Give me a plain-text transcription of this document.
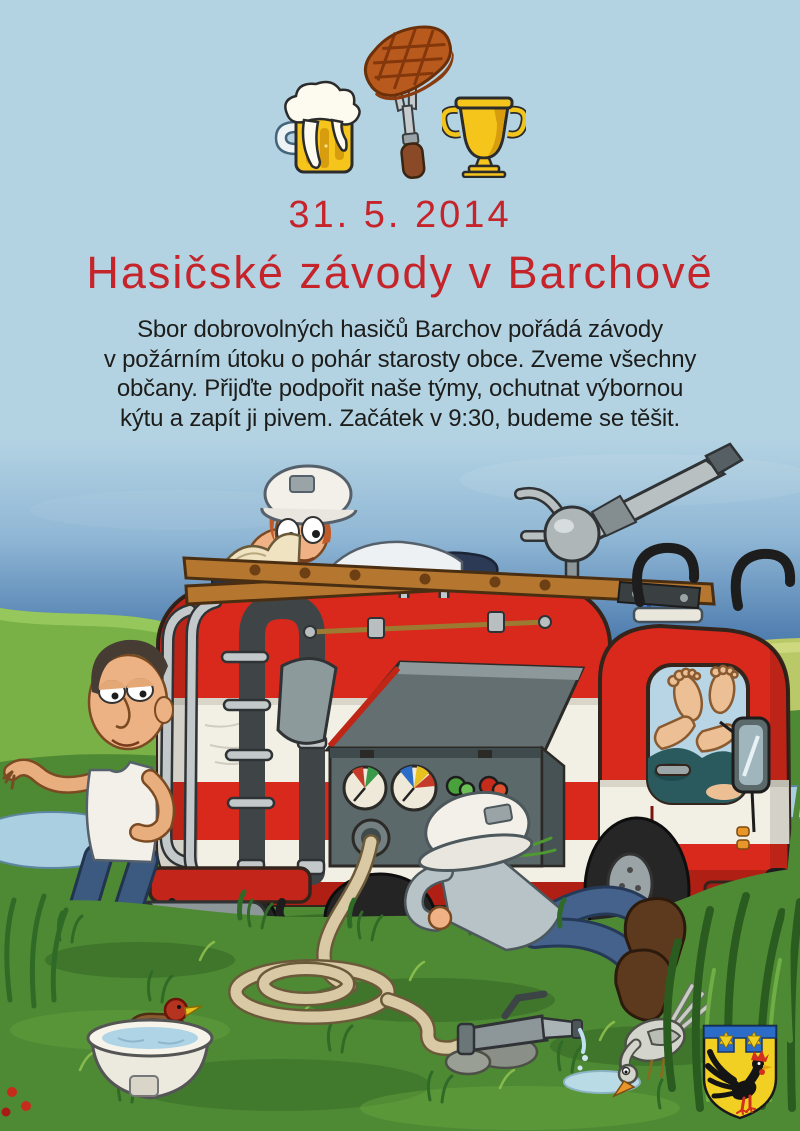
31. 5. 2014
Hasičské závody v Barchově
Sbor dobrovolných hasičů Barchov pořádá závody
v požárním útoku o pohár starosty obce. Zveme všechny
občany. Přijďte podpořit naše týmy, ochutnat výbornou
kýtu a zapít ji pivem. Začátek v 9:30, budeme se těšit.
